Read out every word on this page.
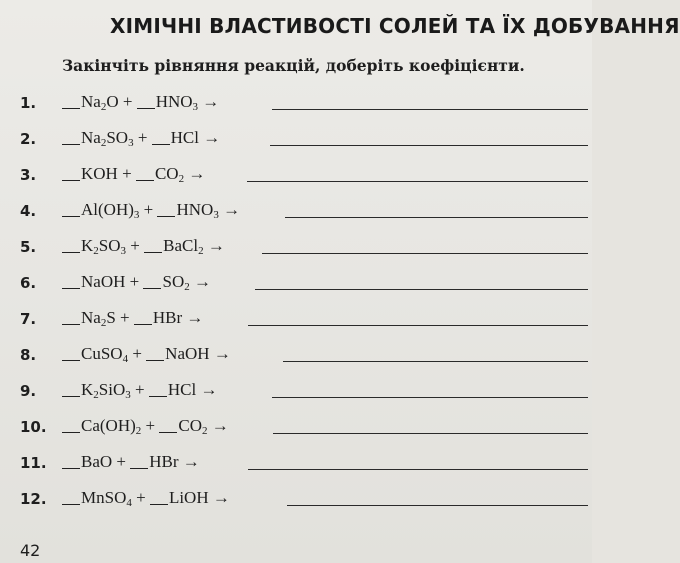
ХІМІЧНІ ВЛАСТИВОСТІ СОЛЕЙ ТА ЇХ ДОБУВАННЯ
Закінчіть рівняння реакцій, доберіть коефіцієнти.
1.	$Na_2O + HNO_3$ →
2.	$Na_2SO_3$ + HCl →
3.	KOH + $CO_2$ →
4.	$Al(OH)_3 + HNO_3$ →
5.	$K_2SO_3$ + BaCl$_2$ →
6.	NaOH + $SO_2$ →
7.	$Na_2S$ + HBr →
8.	CuSO$_4$ + NaOH →
9.	$K_2SiO_3$ + HCl →
10.	$Ca(OH)_2 + CO_2$ →
11.	BaO + HBr →
12.	MnSO$_4$ + LiOH →
42
